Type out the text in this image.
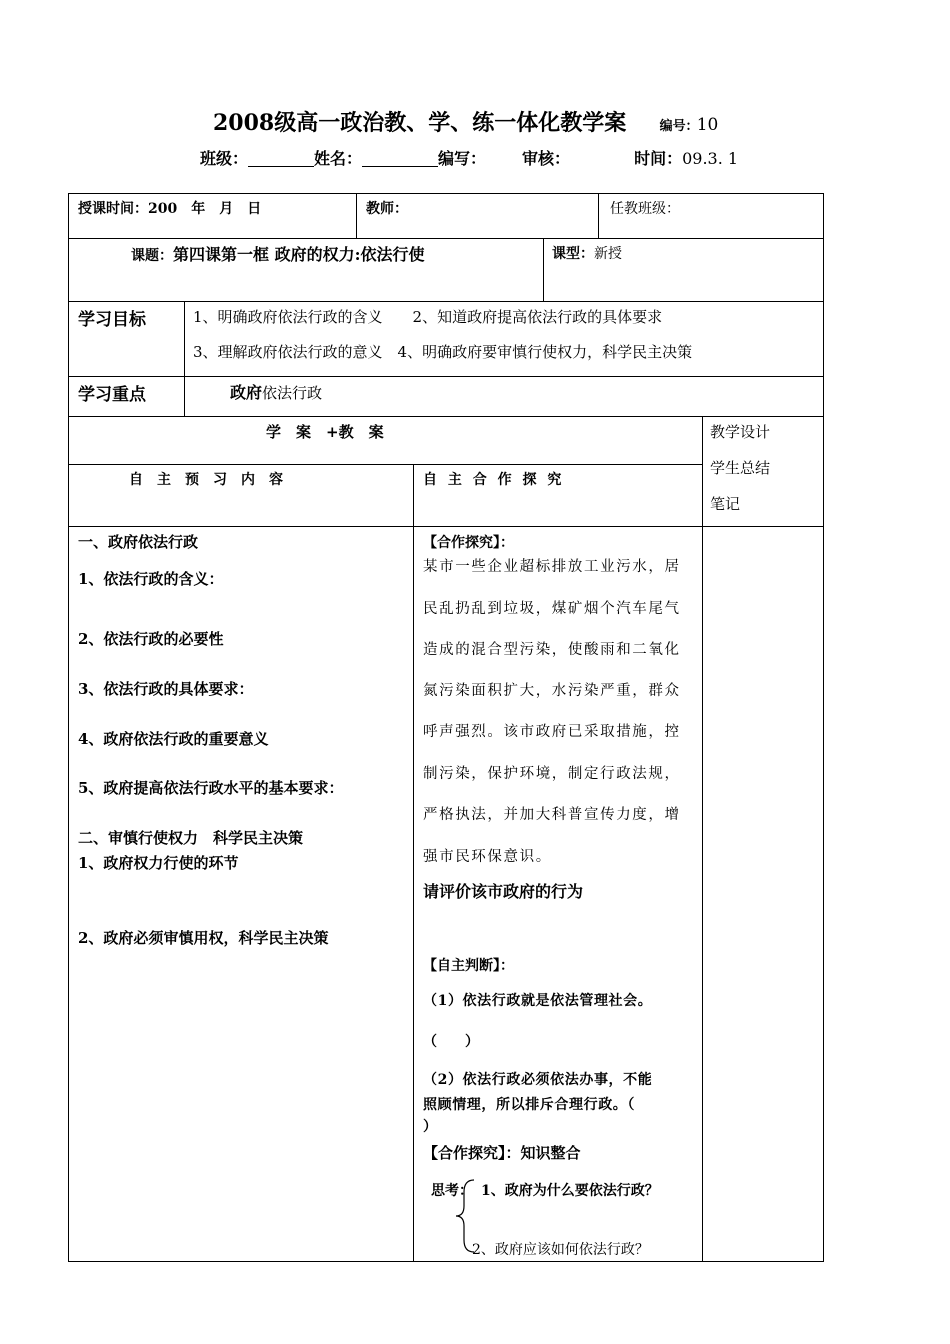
2008级高一政治教、学、练一体化教学案	编号: 10
班级：	姓名：	编写： 审核：	时间：09.3. 1
授课时间：200　年　月　日	教师：	任教班级：
课题：第四课第一框 政府的权力:依法行使	课型：新授
学习目标	1、明确政府依法行政的含义　　2、知道政府提高依法行政的具体要求
3、理解政府依法行政的意义　4、明确政府要审慎行使权力，科学民主决策
学习重点	政府依法行政
学　案　+教　案	教学设计
学生总结
笔记
自　主　预　习　内　容	自 主 合 作 探 究
一、政府依法行政
1、依法行政的含义：
2、依法行政的必要性
3、依法行政的具体要求：
4、政府依法行政的重要意义
5、政府提高依法行政水平的基本要求：
二、审慎行使权力　科学民主决策
1、政府权力行使的环节
2、政府必须审慎用权，科学民主决策
【合作探究】：
某市一些企业超标排放工业污水，居
民乱扔乱到垃圾，煤矿烟个汽车尾气
造成的混合型污染，使酸雨和二氧化
氮污染面积扩大，水污染严重，群众
呼声强烈。该市政府已采取措施，控
制污染，保护环境，制定行政法规，
严格执法，并加大科普宣传力度，增
强市民环保意识。
请评价该市政府的行为
【自主判断】：
（1）依法行政就是依法管理社会。
（　　）
（2）依法行政必须依法办事，不能
照顾情理，所以排斥合理行政。（
）
【合作探究】：知识整合
思考： 1、政府为什么要依法行政？
2、政府应该如何依法行政？
